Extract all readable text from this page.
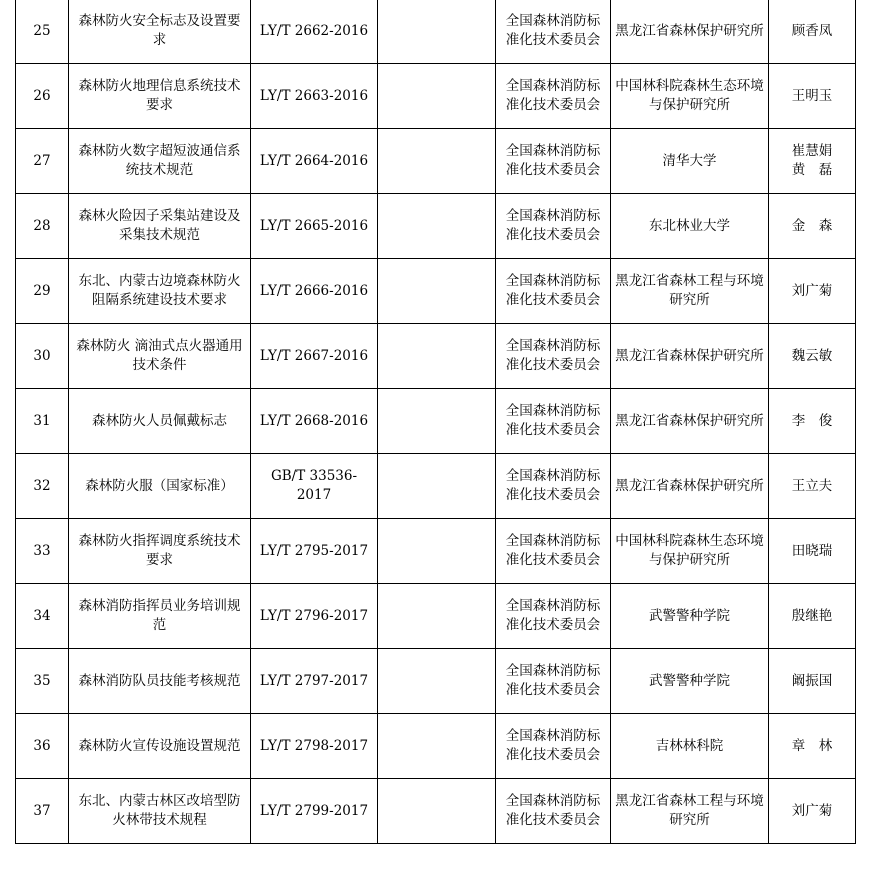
25	森林防火安全标志及设置要求	LY/T 2662-2016		全国森林消防标准化技术委员会	黑龙江省森林保护研究所	顾香凤

26	森林防火地理信息系统技术要求	LY/T 2663-2016		全国森林消防标准化技术委员会	中国林科院森林生态环境与保护研究所	王明玉

27	森林防火数字超短波通信系统技术规范	LY/T 2664-2016		全国森林消防标准化技术委员会	清华大学	崔慧娟
黄　磊

28	森林火险因子采集站建设及采集技术规范	LY/T 2665-2016		全国森林消防标准化技术委员会	东北林业大学	金　森

29	东北、内蒙古边境森林防火阻隔系统建设技术要求	LY/T 2666-2016		全国森林消防标准化技术委员会	黑龙江省森林工程与环境研究所	刘广菊

30	森林防火 滴油式点火器通用技术条件	LY/T 2667-2016		全国森林消防标准化技术委员会	黑龙江省森林保护研究所	魏云敏

31	森林防火人员佩戴标志	LY/T 2668-2016		全国森林消防标准化技术委员会	黑龙江省森林保护研究所	李　俊

32	森林防火服（国家标准）	GB/T 33536-2017		全国森林消防标准化技术委员会	黑龙江省森林保护研究所	王立夫

33	森林防火指挥调度系统技术要求	LY/T 2795-2017		全国森林消防标准化技术委员会	中国林科院森林生态环境与保护研究所	田晓瑞

34	森林消防指挥员业务培训规范	LY/T 2796-2017		全国森林消防标准化技术委员会	武警警种学院	殷继艳

35	森林消防队员技能考核规范	LY/T 2797-2017		全国森林消防标准化技术委员会	武警警种学院	阚振国

36	森林防火宣传设施设置规范	LY/T 2798-2017		全国森林消防标准化技术委员会	吉林林科院	章　林

37	东北、内蒙古林区改培型防火林带技术规程	LY/T 2799-2017		全国森林消防标准化技术委员会	黑龙江省森林工程与环境研究所	刘广菊
